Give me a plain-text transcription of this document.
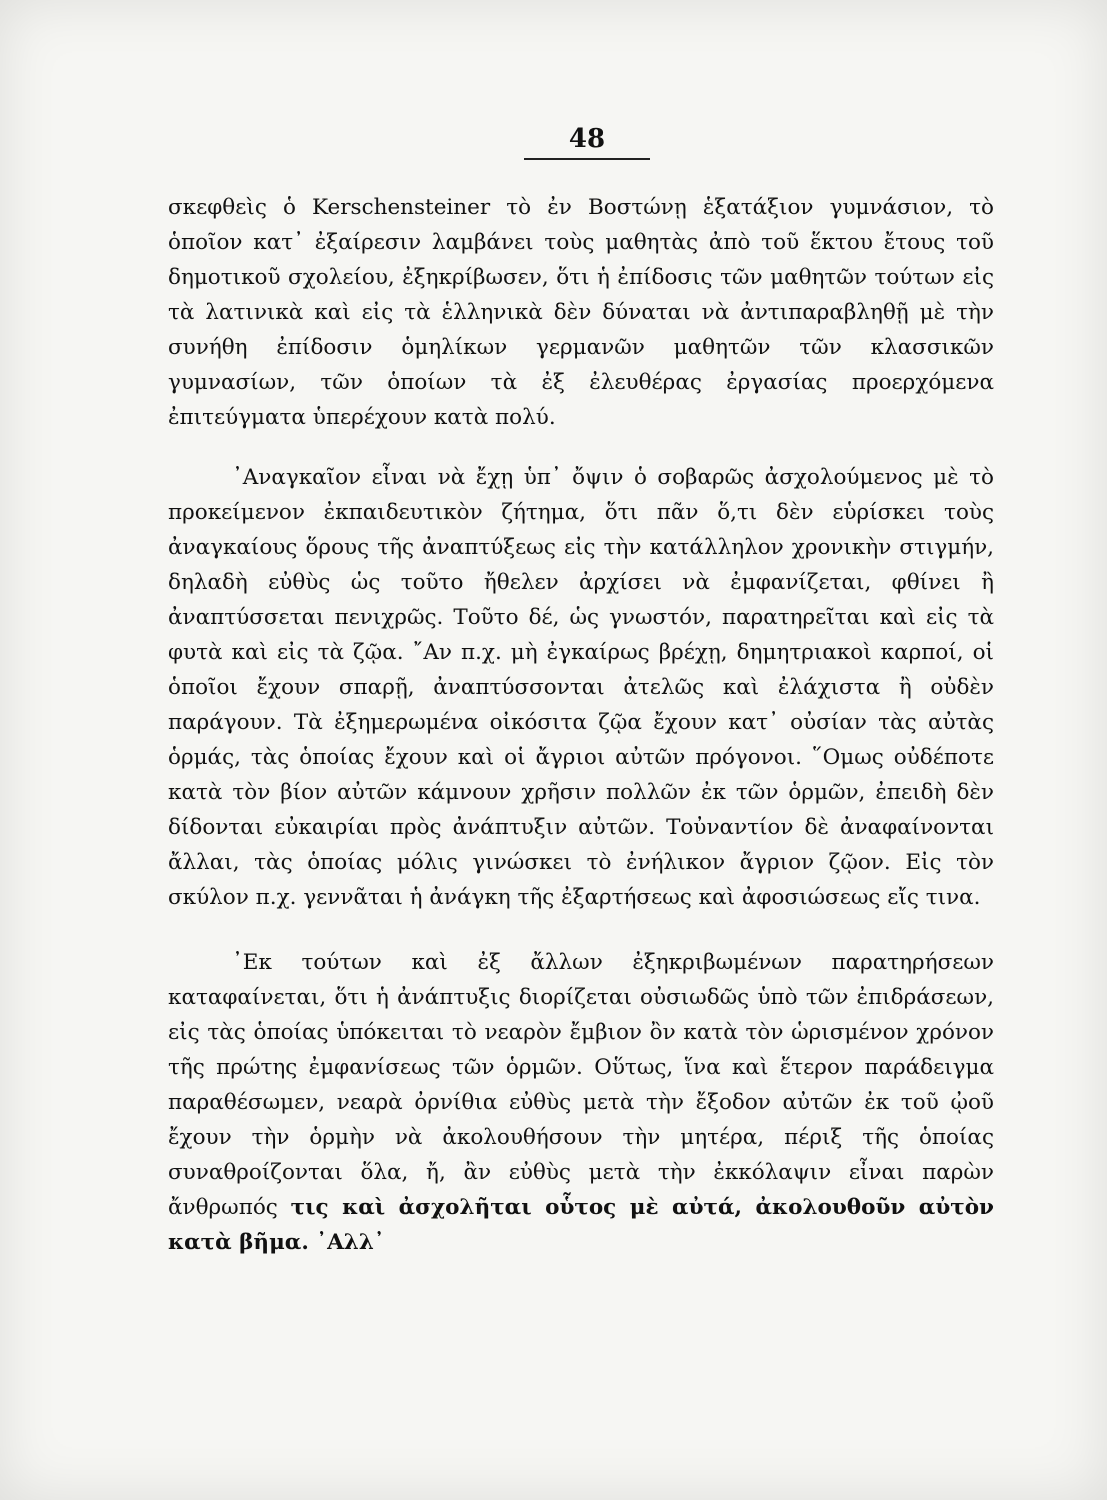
48

σκεφθεὶς ὁ Kerschensteiner τὸ ἐν Βοστώνῃ ἑξατάξιον γυμνάσιον, τὸ ὁποῖον κατ᾽ ἐξαίρεσιν λαμβάνει τοὺς μαθητὰς ἀπὸ τοῦ ἕκτου ἔτους τοῦ δημοτικοῦ σχολείου, ἐξηκρίβωσεν, ὅτι ἡ ἐπίδοσις τῶν μαθητῶν τούτων εἰς τὰ λατινικὰ καὶ εἰς τὰ ἑλληνικὰ δὲν δύναται νὰ ἀντιπαραβληθῇ μὲ τὴν συνήθη ἐπίδοσιν ὁμηλίκων γερμανῶν μαθητῶν τῶν κλασσικῶν γυμνασίων, τῶν ὁποίων τὰ ἐξ ἐλευθέρας ἐργασίας προερχόμενα ἐπιτεύγματα ὑπερέχουν κατὰ πολύ.

᾿Αναγκαῖον εἶναι νὰ ἔχῃ ὑπ᾽ ὄψιν ὁ σοβαρῶς ἀσχολούμενος μὲ τὸ προκείμενον ἐκπαιδευτικὸν ζήτημα, ὅτι πᾶν ὅ,τι δὲν εὑρίσκει τοὺς ἀναγκαίους ὅρους τῆς ἀναπτύξεως εἰς τὴν κατάλληλον χρονικὴν στιγμήν, δηλαδὴ εὐθὺς ὡς τοῦτο ἤθελεν ἀρχίσει νὰ ἐμφανίζεται, φθίνει ἢ ἀναπτύσσεται πενιχρῶς. Τοῦτο δέ, ὡς γνωστόν, παρατηρεῖται καὶ εἰς τὰ φυτὰ καὶ εἰς τὰ ζῷα. ῎Αν π.χ. μὴ ἐγκαίρως βρέχῃ, δημητριακοὶ καρποί, οἱ ὁποῖοι ἔχουν σπαρῇ, ἀναπτύσσονται ἀτελῶς καὶ ἐλάχιστα ἢ οὐδὲν παράγουν. Τὰ ἐξημερωμένα οἰκόσιτα ζῷα ἔχουν κατ᾽ οὐσίαν τὰς αὐτὰς ὁρμάς, τὰς ὁποίας ἔχουν καὶ οἱ ἄγριοι αὐτῶν πρόγονοι. ῞Ομως οὐδέποτε κατὰ τὸν βίον αὐτῶν κάμνουν χρῆσιν πολλῶν ἐκ τῶν ὁρμῶν, ἐπειδὴ δὲν δίδονται εὐκαιρίαι πρὸς ἀνάπτυξιν αὐτῶν. Τοὐναντίον δὲ ἀναφαίνονται ἄλλαι, τὰς ὁποίας μόλις γινώσκει τὸ ἐνήλικον ἄγριον ζῷον. Εἰς τὸν σκύλον π.χ. γεννᾶται ἡ ἀνάγκη τῆς ἐξαρτήσεως καὶ ἀφοσιώσεως εἴς τινα.

᾿Εκ τούτων καὶ ἐξ ἄλλων ἐξηκριβωμένων παρατηρήσεων καταφαίνεται, ὅτι ἡ ἀνάπτυξις διορίζεται οὐσιωδῶς ὑπὸ τῶν ἐπιδράσεων, εἰς τὰς ὁποίας ὑπόκειται τὸ νεαρὸν ἔμβιον ὂν κατὰ τὸν ὡρισμένον χρόνον τῆς πρώτης ἐμφανίσεως τῶν ὁρμῶν. Οὕτως, ἵνα καὶ ἕτερον παράδειγμα παραθέσωμεν, νεαρὰ ὀρνίθια εὐθὺς μετὰ τὴν ἔξοδον αὐτῶν ἐκ τοῦ ᾠοῦ ἔχουν τὴν ὁρμὴν νὰ ἀκολουθήσουν τὴν μητέρα, πέριξ τῆς ὁποίας συναθροίζονται ὅλα, ἤ, ἂν εὐθὺς μετὰ τὴν ἐκκόλαψιν εἶναι παρὼν ἄνθρωπός τις καὶ ἀσχολῆται οὗτος μὲ αὐτά, ἀκολουθοῦν αὐτὸν κατὰ βῆμα. ᾿Αλλ᾽
